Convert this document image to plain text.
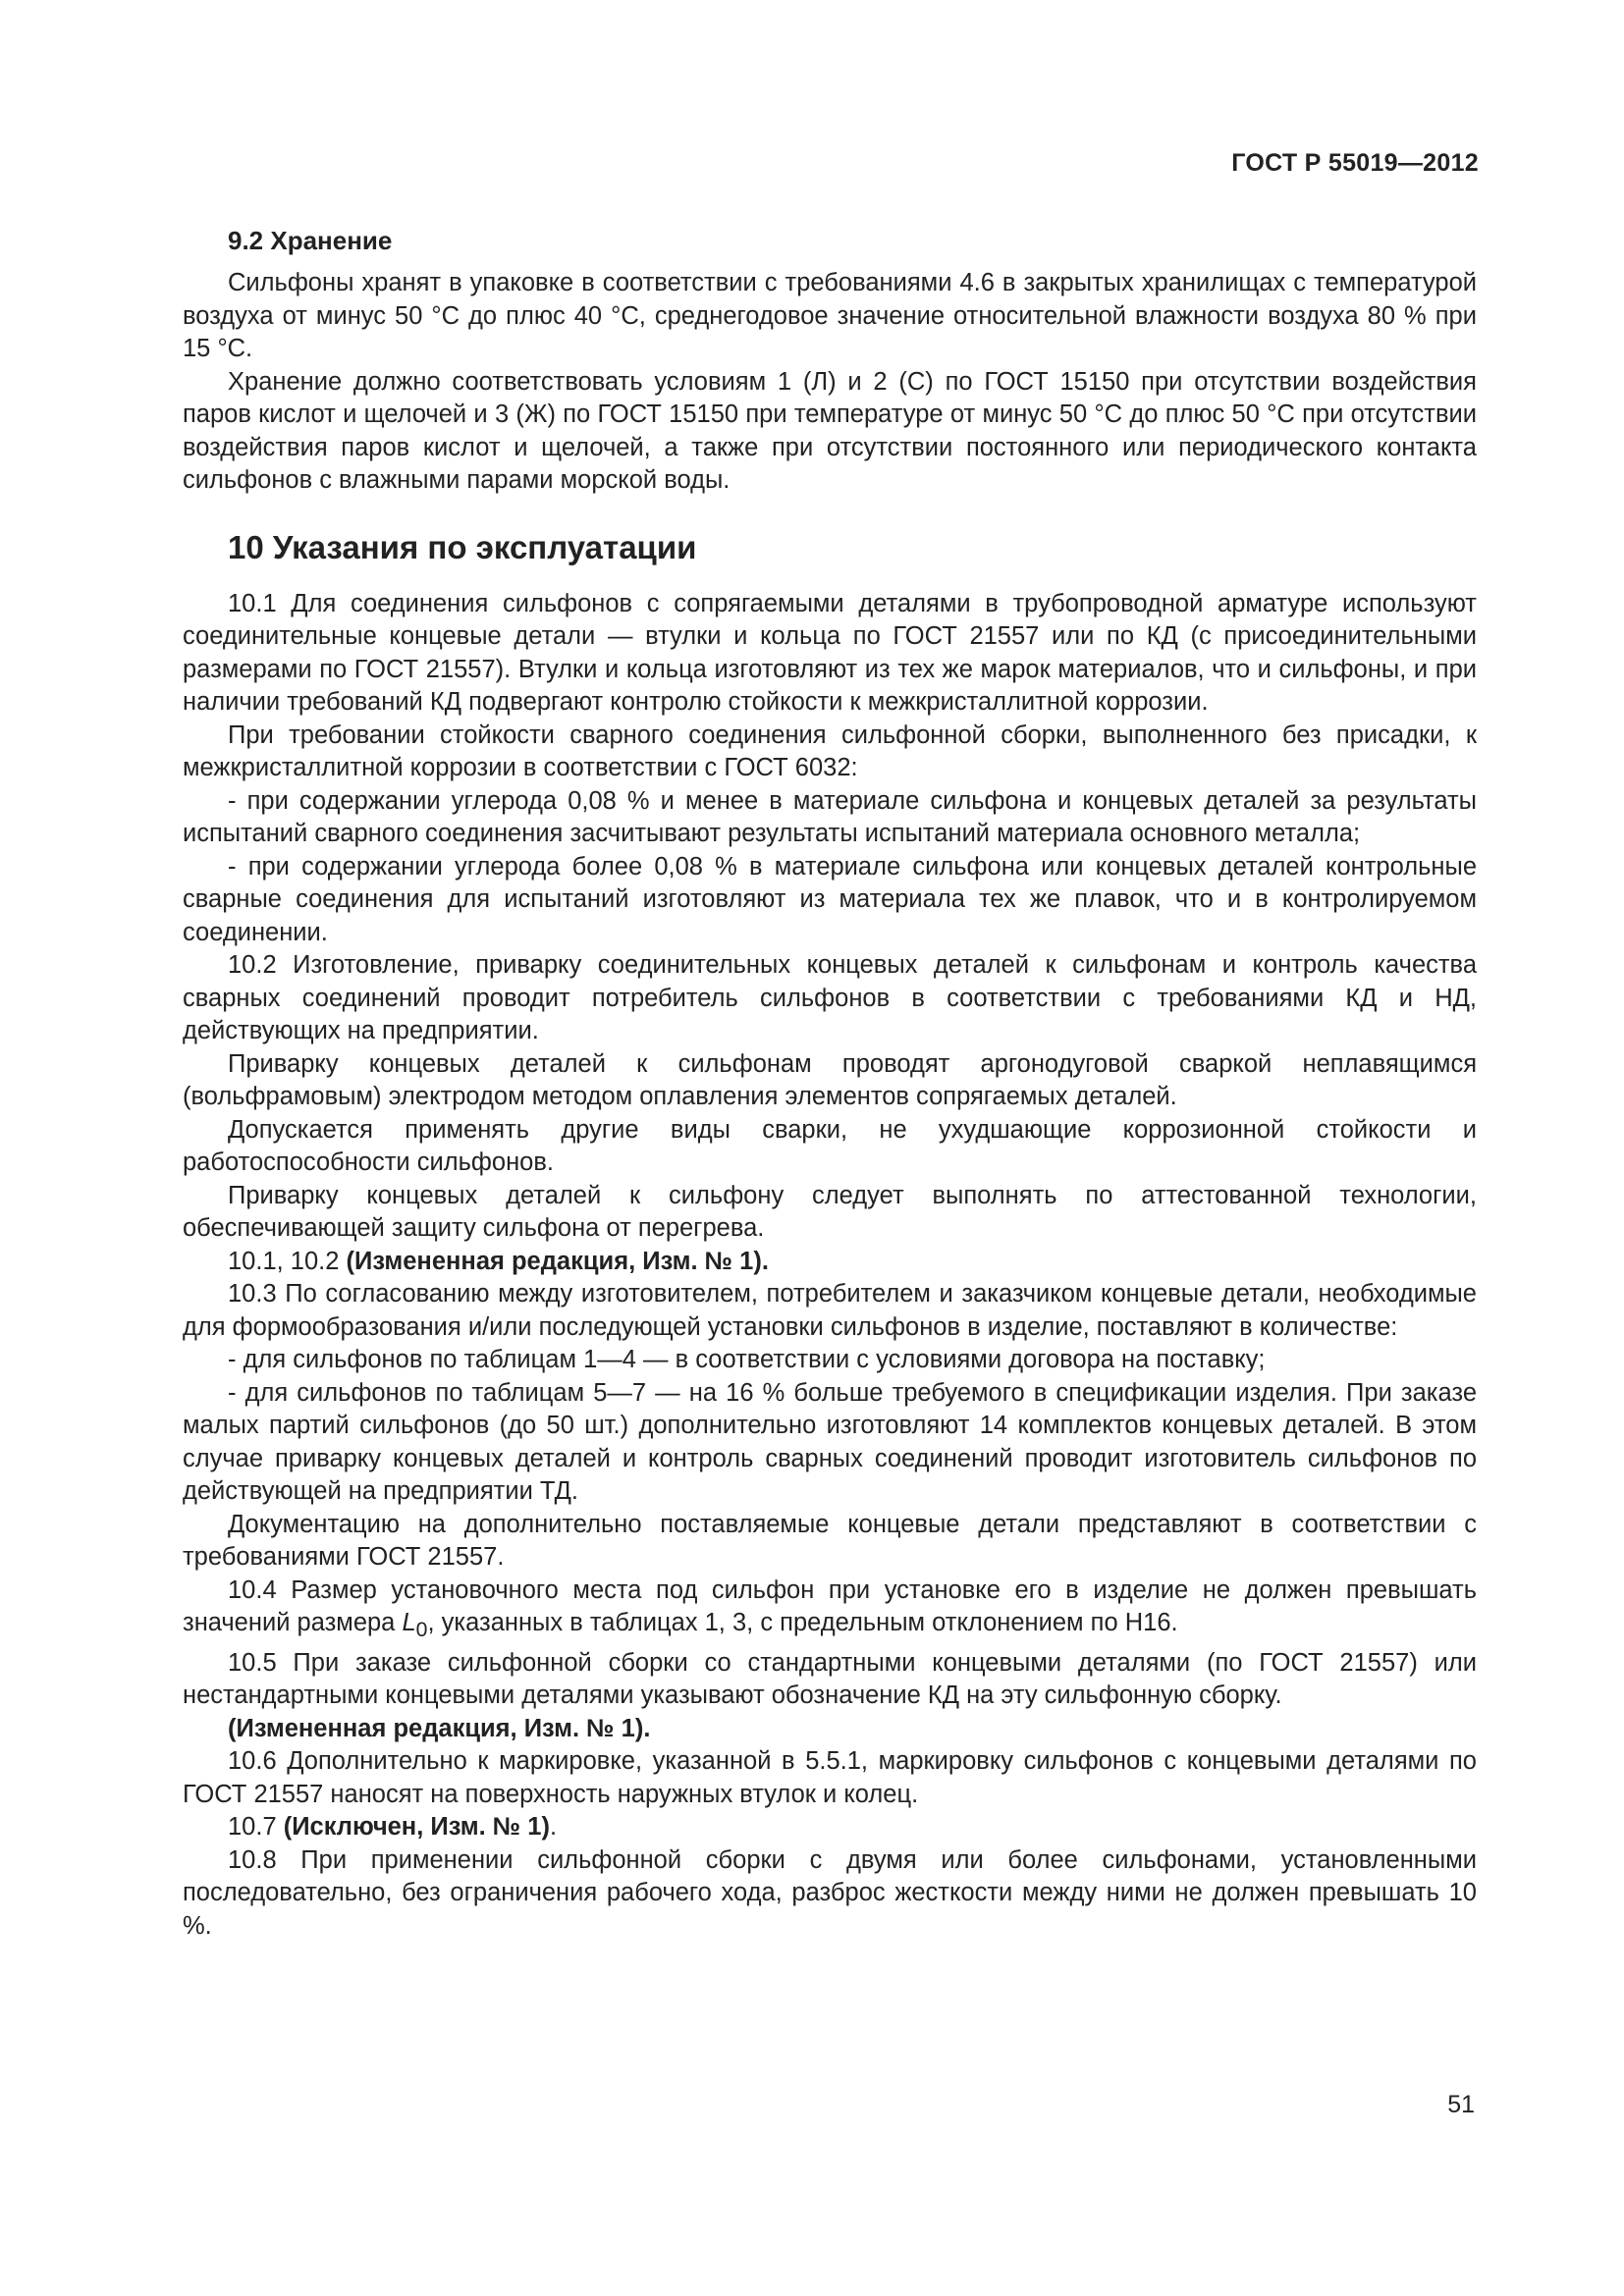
ГОСТ Р 55019—2012
9.2 Хранение

Сильфоны хранят в упаковке в соответствии с требованиями 4.6 в закрытых хранилищах с температурой воздуха от минус 50 °С до плюс 40 °С, среднегодовое значение относительной влажности воздуха 80 % при 15 °С.

Хранение должно соответствовать условиям 1 (Л) и 2 (С) по ГОСТ 15150 при отсутствии воздействия паров кислот и щелочей и 3 (Ж) по ГОСТ 15150 при температуре от минус 50 °С до плюс 50 °С при отсутствии воздействия паров кислот и щелочей, а также при отсутствии постоянного или периодического контакта сильфонов с влажными парами морской воды.

10 Указания по эксплуатации

10.1 Для соединения сильфонов с сопрягаемыми деталями в трубопроводной арматуре используют соединительные концевые детали — втулки и кольца по ГОСТ 21557 или по КД (с присоединительными размерами по ГОСТ 21557). Втулки и кольца изготовляют из тех же марок материалов, что и сильфоны, и при наличии требований КД подвергают контролю стойкости к межкристаллитной коррозии.

При требовании стойкости сварного соединения сильфонной сборки, выполненного без присадки, к межкристаллитной коррозии в соответствии с ГОСТ 6032:

- при содержании углерода 0,08 % и менее в материале сильфона и концевых деталей за результаты испытаний сварного соединения засчитывают результаты испытаний материала основного металла;

- при содержании углерода более 0,08 % в материале сильфона или концевых деталей контрольные сварные соединения для испытаний изготовляют из материала тех же плавок, что и в контролируемом соединении.

10.2 Изготовление, приварку соединительных концевых деталей к сильфонам и контроль качества сварных соединений проводит потребитель сильфонов в соответствии с требованиями КД и НД, действующих на предприятии.

Приварку концевых деталей к сильфонам проводят аргонодуговой сваркой неплавящимся (вольфрамовым) электродом методом оплавления элементов сопрягаемых деталей.

Допускается применять другие виды сварки, не ухудшающие коррозионной стойкости и работоспособности сильфонов.

Приварку концевых деталей к сильфону следует выполнять по аттестованной технологии, обеспечивающей защиту сильфона от перегрева.

10.1, 10.2 (Измененная редакция, Изм. № 1).

10.3 По согласованию между изготовителем, потребителем и заказчиком концевые детали, необходимые для формообразования и/или последующей установки сильфонов в изделие, поставляют в количестве:

- для сильфонов по таблицам 1—4 — в соответствии с условиями договора на поставку;

- для сильфонов по таблицам 5—7 — на 16 % больше требуемого в спецификации изделия. При заказе малых партий сильфонов (до 50 шт.) дополнительно изготовляют 14 комплектов концевых деталей. В этом случае приварку концевых деталей и контроль сварных соединений проводит изготовитель сильфонов по действующей на предприятии ТД.

Документацию на дополнительно поставляемые концевые детали представляют в соответствии с требованиями ГОСТ 21557.

10.4 Размер установочного места под сильфон при установке его в изделие не должен превышать значений размера $L_0$, указанных в таблицах 1, 3, с предельным отклонением по Н16.

10.5 При заказе сильфонной сборки со стандартными концевыми деталями (по ГОСТ 21557) или нестандартными концевыми деталями указывают обозначение КД на эту сильфонную сборку.

(Измененная редакция, Изм. № 1).

10.6 Дополнительно к маркировке, указанной в 5.5.1, маркировку сильфонов с концевыми деталями по ГОСТ 21557 наносят на поверхность наружных втулок и колец.

10.7 (Исключен, Изм. № 1).

10.8 При применении сильфонной сборки с двумя или более сильфонами, установленными последовательно, без ограничения рабочего хода, разброс жесткости между ними не должен превышать 10 %.

51
